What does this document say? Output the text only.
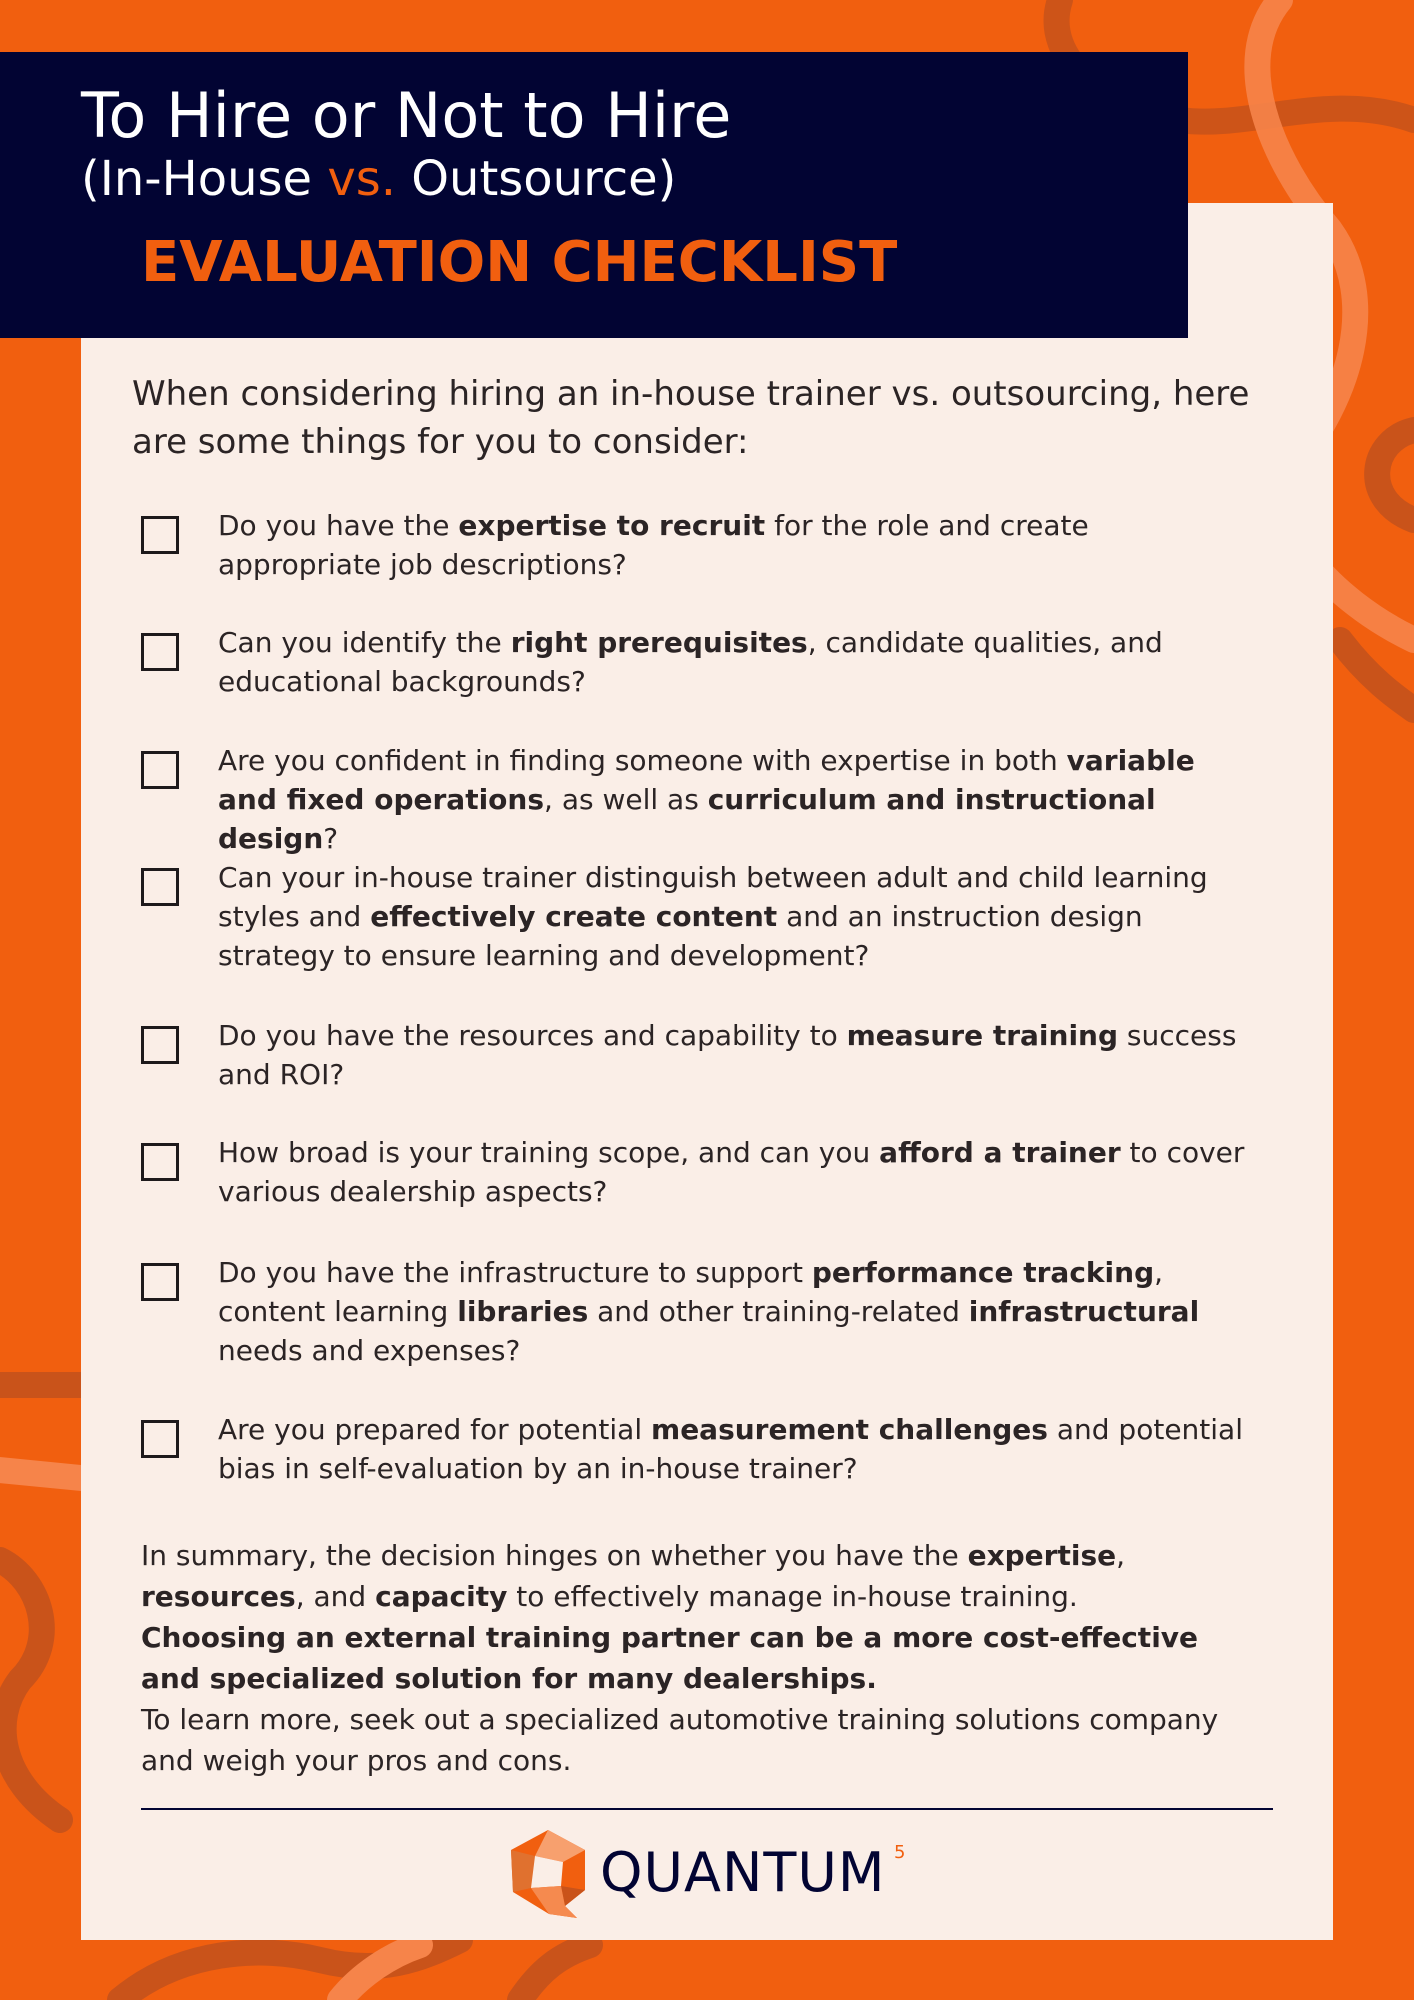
To Hire or Not to Hire
(In-House vs. Outsource)
EVALUATION CHECKLIST

When considering hiring an in-house trainer vs. outsourcing, here are some things for you to consider:

Do you have the expertise to recruit for the role and create appropriate job descriptions?
Can you identify the right prerequisites, candidate qualities, and educational backgrounds?
Are you confident in finding someone with expertise in both variable and fixed operations, as well as curriculum and instructional design?
Can your in-house trainer distinguish between adult and child learning styles and effectively create content and an instruction design strategy to ensure learning and development?
Do you have the resources and capability to measure training success and ROI?
How broad is your training scope, and can you afford a trainer to cover various dealership aspects?
Do you have the infrastructure to support performance tracking, content learning libraries and other training-related infrastructural needs and expenses?
Are you prepared for potential measurement challenges and potential bias in self-evaluation by an in-house trainer?
In summary, the decision hinges on whether you have the expertise, resources, and capacity to effectively manage in-house training.
Choosing an external training partner can be a more cost-effective and specialized solution for many dealerships.
To learn more, seek out a specialized automotive training solutions company and weigh your pros and cons.
QUANTUM 5
